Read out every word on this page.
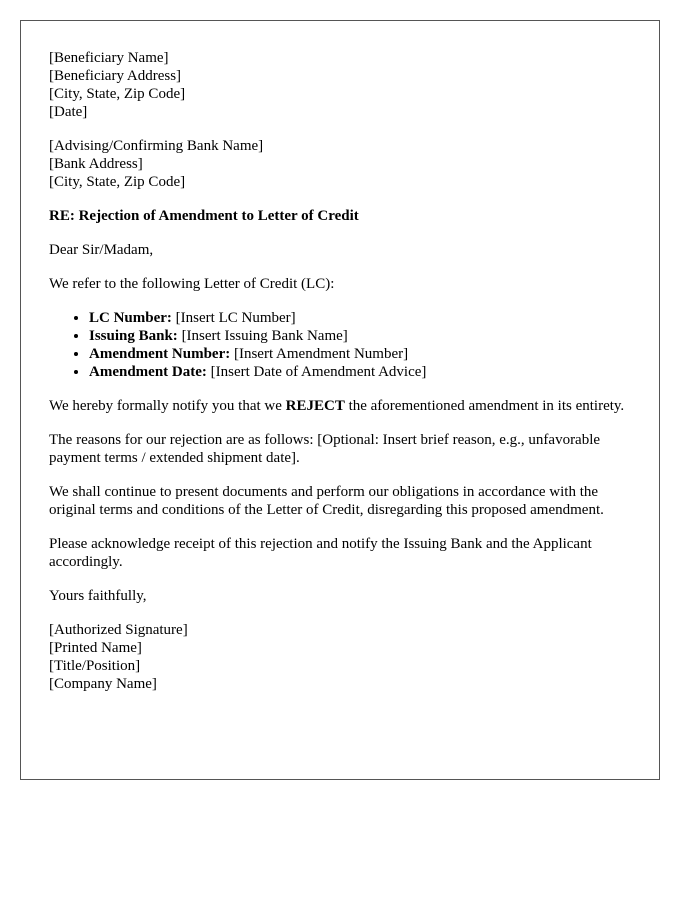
[Beneficiary Name]
[Beneficiary Address]
[City, State, Zip Code]
[Date]
[Advising/Confirming Bank Name]
[Bank Address]
[City, State, Zip Code]

RE: Rejection of Amendment to Letter of Credit

Dear Sir/Madam,

We refer to the following Letter of Credit (LC):

• LC Number: [Insert LC Number]
• Issuing Bank: [Insert Issuing Bank Name]
• Amendment Number: [Insert Amendment Number]
• Amendment Date: [Insert Date of Amendment Advice]

We hereby formally notify you that we REJECT the aforementioned amendment in its entirety.

The reasons for our rejection are as follows: [Optional: Insert brief reason, e.g., unfavorable payment terms / extended shipment date].

We shall continue to present documents and perform our obligations in accordance with the original terms and conditions of the Letter of Credit, disregarding this proposed amendment.

Please acknowledge receipt of this rejection and notify the Issuing Bank and the Applicant accordingly.

Yours faithfully,

[Authorized Signature]
[Printed Name]
[Title/Position]
[Company Name]
